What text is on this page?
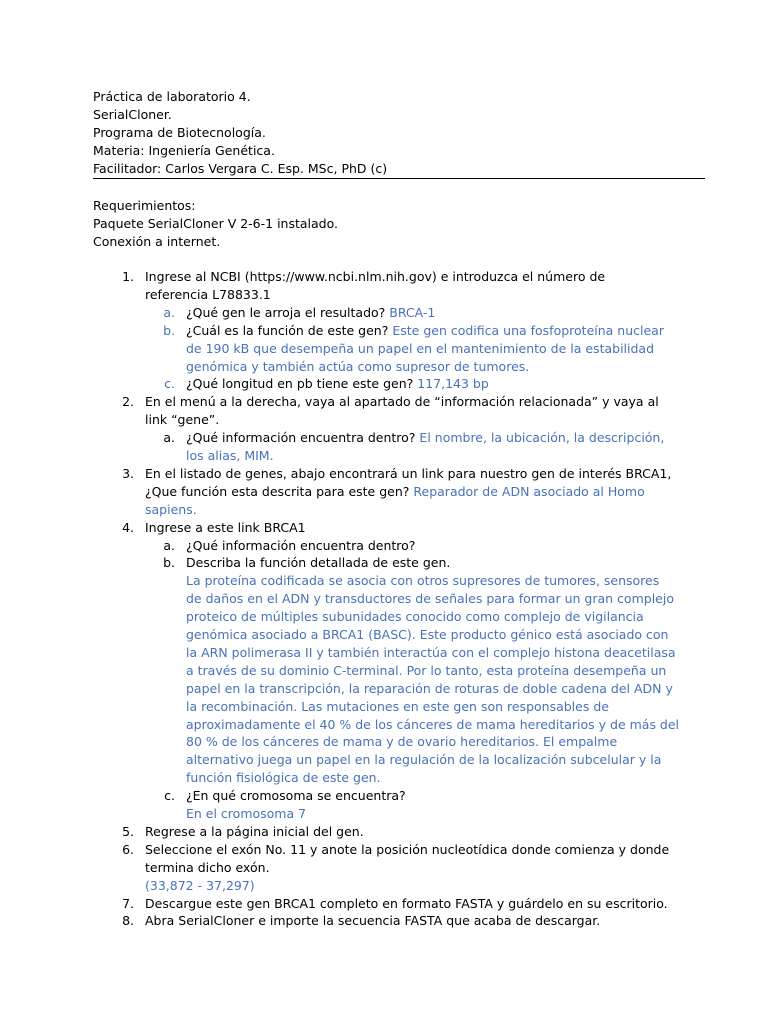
Práctica de laboratorio 4.
SerialCloner.
Programa de Biotecnología.
Materia: Ingeniería Genética.
Facilitador: Carlos Vergara C. Esp. MSc, PhD (c)
Requerimientos:
Paquete SerialCloner V 2-6-1 instalado.
Conexión a internet.
1. Ingrese al NCBI (https://www.ncbi.nlm.nih.gov) e introduzca el número de
referencia L78833.1
a. ¿Qué gen le arroja el resultado? BRCA-1
b. ¿Cuál es la función de este gen? Este gen codifica una fosfoproteína nuclear
de 190 kB que desempeña un papel en el mantenimiento de la estabilidad
genómica y también actúa como supresor de tumores.
c. ¿Qué longitud en pb tiene este gen? 117,143 bp
2. En el menú a la derecha, vaya al apartado de “información relacionada” y vaya al
link “gene”.
a. ¿Qué información encuentra dentro? El nombre, la ubicación, la descripción,
los alias, MIM.
3. En el listado de genes, abajo encontrará un link para nuestro gen de interés BRCA1,
¿Que función esta descrita para este gen? Reparador de ADN asociado al Homo
sapiens.
4. Ingrese a este link BRCA1
a. ¿Qué información encuentra dentro?
b. Describa la función detallada de este gen.
La proteína codificada se asocia con otros supresores de tumores, sensores
de daños en el ADN y transductores de señales para formar un gran complejo
proteico de múltiples subunidades conocido como complejo de vigilancia
genómica asociado a BRCA1 (BASC). Este producto génico está asociado con
la ARN polimerasa II y también interactúa con el complejo histona deacetilasa
a través de su dominio C-terminal. Por lo tanto, esta proteína desempeña un
papel en la transcripción, la reparación de roturas de doble cadena del ADN y
la recombinación. Las mutaciones en este gen son responsables de
aproximadamente el 40 % de los cánceres de mama hereditarios y de más del
80 % de los cánceres de mama y de ovario hereditarios. El empalme
alternativo juega un papel en la regulación de la localización subcelular y la
función fisiológica de este gen.
c. ¿En qué cromosoma se encuentra?
En el cromosoma 7
5. Regrese a la página inicial del gen.
6. Seleccione el exón No. 11 y anote la posición nucleotídica donde comienza y donde
termina dicho exón.
(33,872 - 37,297)
7. Descargue este gen BRCA1 completo en formato FASTA y guárdelo en su escritorio.
8. Abra SerialCloner e importe la secuencia FASTA que acaba de descargar.
